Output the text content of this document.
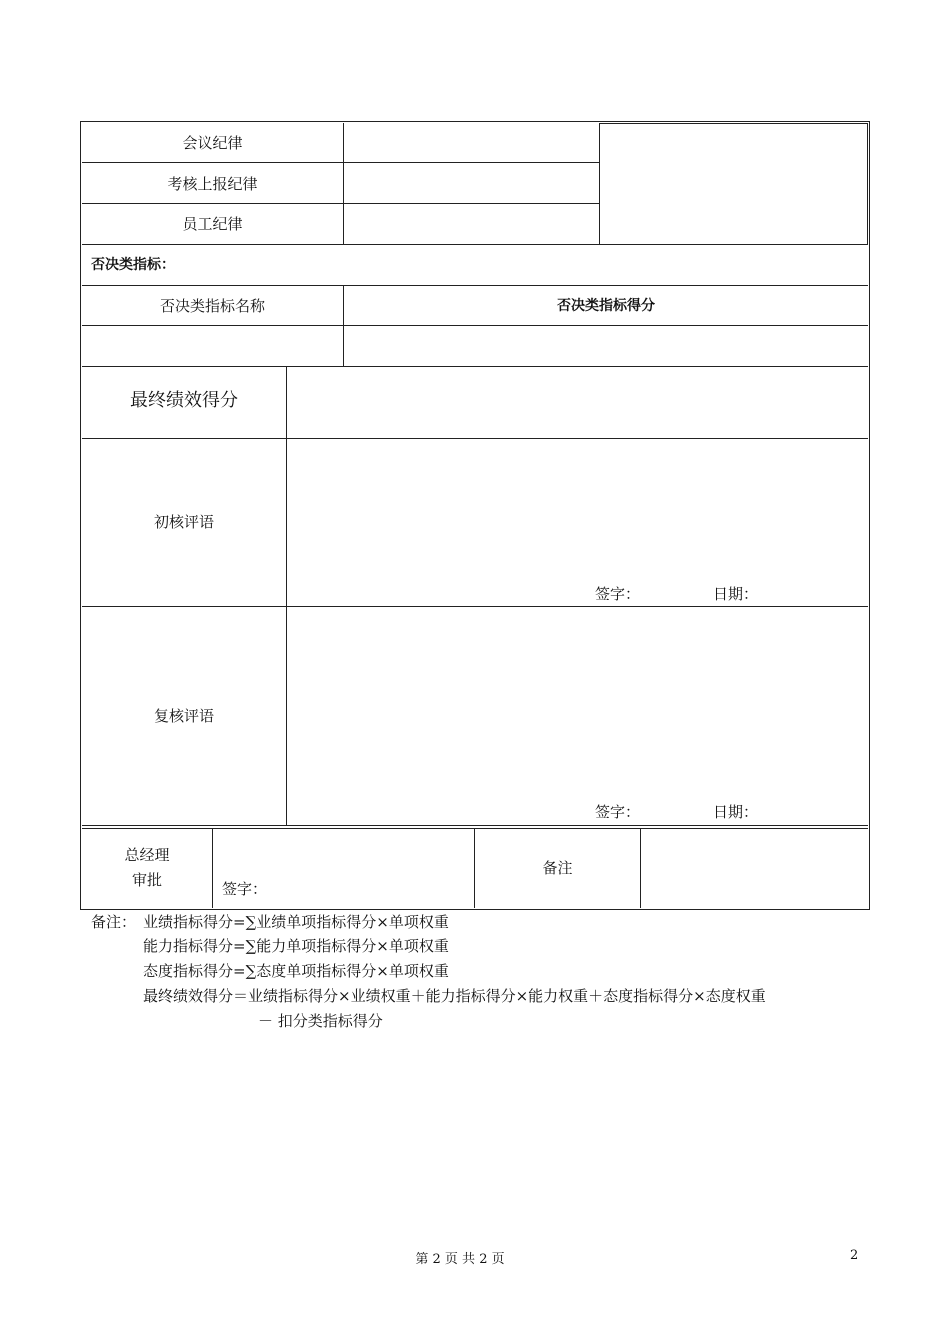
会议纪律
考核上报纪律
员工纪律
否决类指标：
否决类指标名称	否决类指标得分
最终绩效得分
初核评语
签字：	日期：
复核评语
签字：	日期：
总经理
审批	签字：
备注
备注： 业绩指标得分=∑业绩单项指标得分×单项权重
能力指标得分=∑能力单项指标得分×单项权重
态度指标得分=∑态度单项指标得分×单项权重
最终绩效得分＝业绩指标得分×业绩权重＋能力指标得分×能力权重＋态度指标得分×态度权重
－ 扣分类指标得分
第 2 页 共 2 页	2
